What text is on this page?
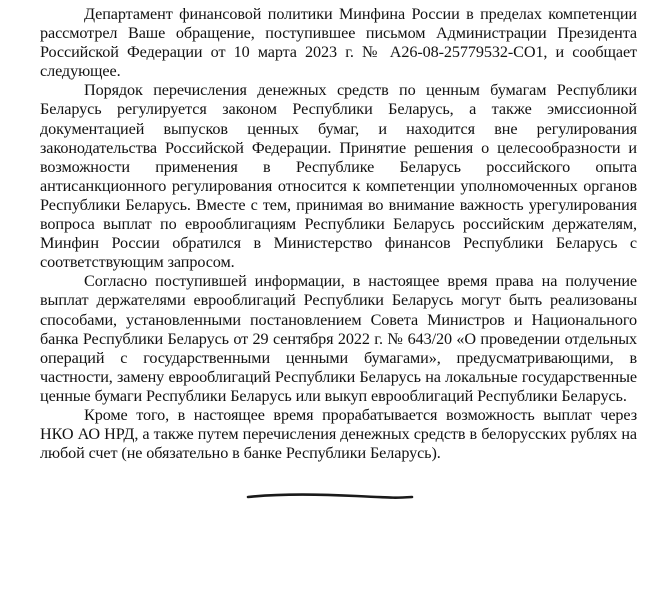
Департамент финансовой политики Минфина России в пределах компетенции рассмотрел Ваше обращение, поступившее письмом Администрации Президента Российской Федерации от 10 марта 2023 г. № А26-08-25779532-СО1, и сообщает следующее.

Порядок перечисления денежных средств по ценным бумагам Республики Беларусь регулируется законом Республики Беларусь, а также эмиссионной документацией выпусков ценных бумаг, и находится вне регулирования законодательства Российской Федерации. Принятие решения о целесообразности и возможности применения в Республике Беларусь российского опыта антисанкционного регулирования относится к компетенции уполномоченных органов Республики Беларусь. Вместе с тем, принимая во внимание важность урегулирования вопроса выплат по еврооблигациям Республики Беларусь российским держателям, Минфин России обратился в Министерство финансов Республики Беларусь с соответствующим запросом.

Согласно поступившей информации, в настоящее время права на получение выплат держателями еврооблигаций Республики Беларусь могут быть реализованы способами, установленными постановлением Совета Министров и Национального банка Республики Беларусь от 29 сентября 2022 г. № 643/20 «О проведении отдельных операций с государственными ценными бумагами», предусматривающими, в частности, замену еврооблигаций Республики Беларусь на локальные государственные ценные бумаги Республики Беларусь или выкуп еврооблигаций Республики Беларусь.

Кроме того, в настоящее время прорабатывается возможность выплат через НКО АО НРД, а также путем перечисления денежных средств в белорусских рублях на любой счет (не обязательно в банке Республики Беларусь).
